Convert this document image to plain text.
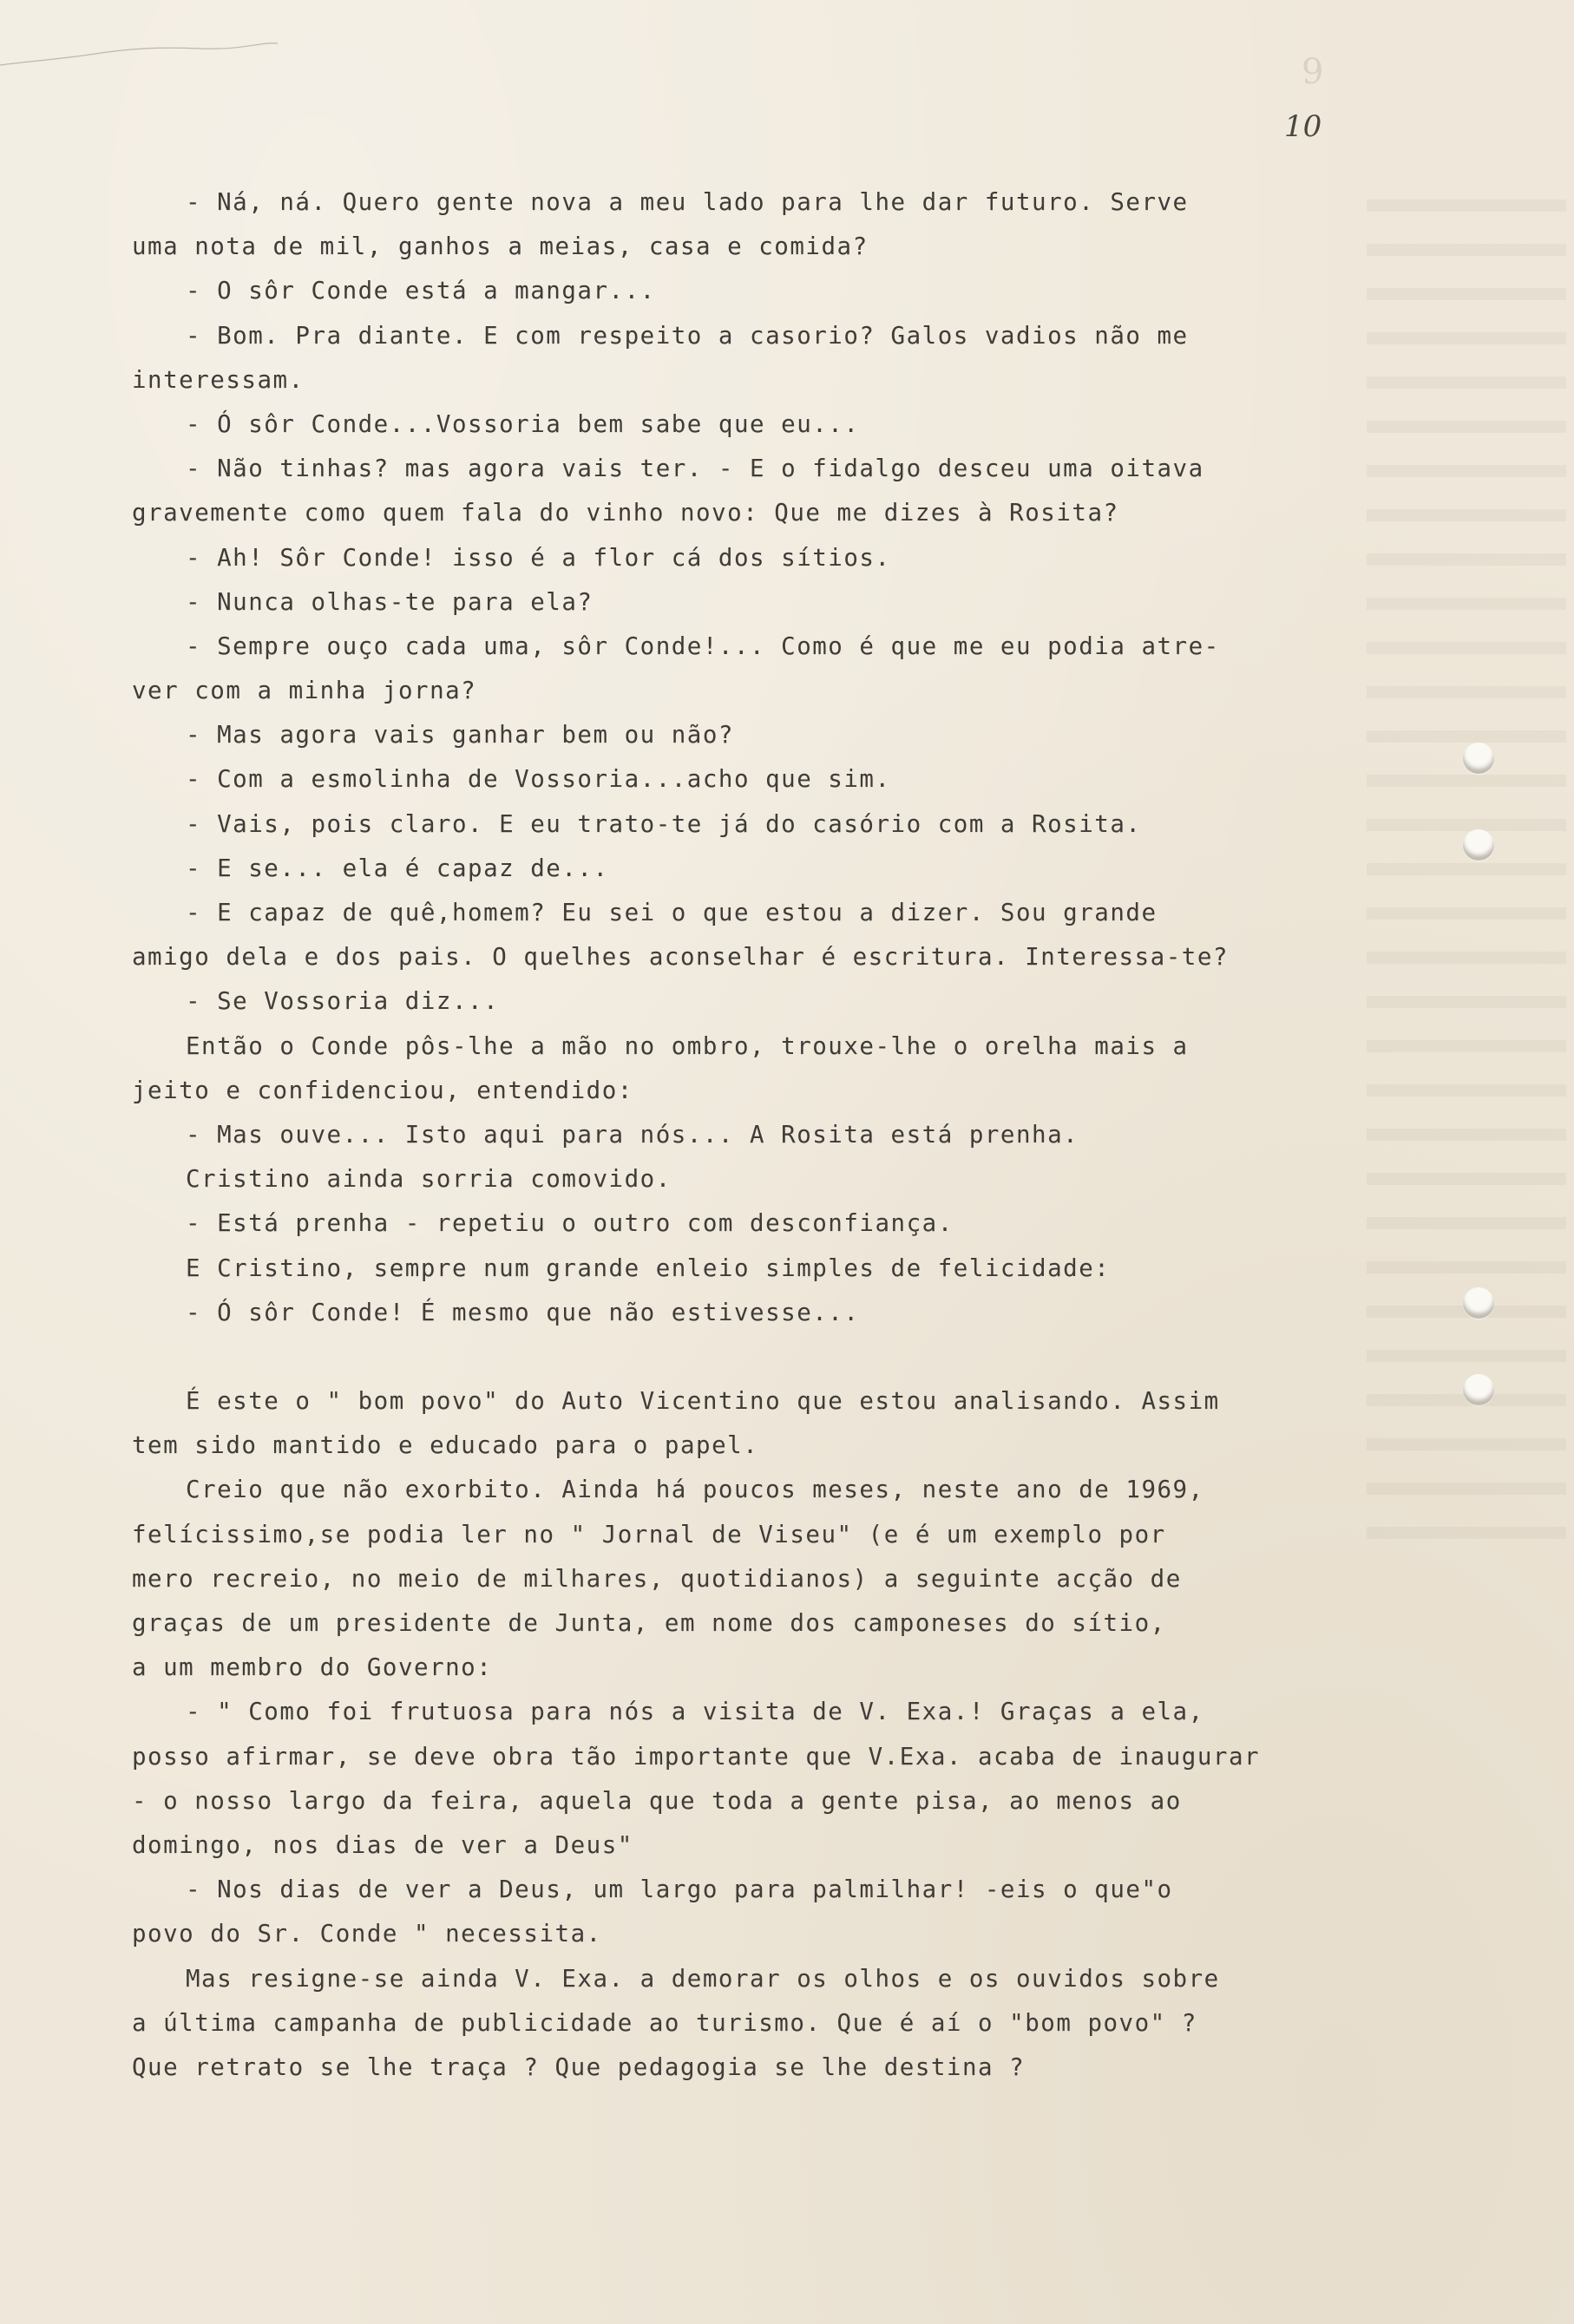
9
10
- Ná, ná. Quero gente nova a meu lado para lhe dar futuro. Serve
uma nota de mil, ganhos a meias, casa e comida?
- O sôr Conde está a mangar...
- Bom. Pra diante. E com respeito a casorio? Galos vadios não me
interessam.
- Ó sôr Conde...Vossoria bem sabe que eu...
- Não tinhas? mas agora vais ter. - E o fidalgo desceu uma oitava
gravemente como quem fala do vinho novo: Que me dizes à Rosita?
- Ah! Sôr Conde! isso é a flor cá dos sítios.
- Nunca olhas-te para ela?
- Sempre ouço cada uma, sôr Conde!... Como é que me eu podia atre-
ver com a minha jorna?
- Mas agora vais ganhar bem ou não?
- Com a esmolinha de Vossoria...acho que sim.
- Vais, pois claro. E eu trato-te já do casório com a Rosita.
- E se... ela é capaz de...
- E capaz de quê,homem? Eu sei o que estou a dizer. Sou grande
amigo dela e dos pais. O quelhes aconselhar é escritura. Interessa-te?
- Se Vossoria diz...
Então o Conde pôs-lhe a mão no ombro, trouxe-lhe o orelha mais a
jeito e confidenciou, entendido:
- Mas ouve... Isto aqui para nós... A Rosita está prenha.
Cristino ainda sorria comovido.
- Está prenha - repetiu o outro com desconfiança.
E Cristino, sempre num grande enleio simples de felicidade:
- Ó sôr Conde! É mesmo que não estivesse...
É este o " bom povo" do Auto Vicentino que estou analisando. Assim
tem sido mantido e educado para o papel.
Creio que não exorbito. Ainda há poucos meses, neste ano de 1969,
felícissimo,se podia ler no " Jornal de Viseu" (e é um exemplo por
mero recreio, no meio de milhares, quotidianos) a seguinte acção de
graças de um presidente de Junta, em nome dos camponeses do sítio,
a um membro do Governo:
- " Como foi frutuosa para nós a visita de V. Exa.! Graças a ela,
posso afirmar, se deve obra tão importante que V.Exa. acaba de inaugurar
- o nosso largo da feira, aquela que toda a gente pisa, ao menos ao
domingo, nos dias de ver a Deus"
- Nos dias de ver a Deus, um largo para palmilhar! -eis o que"o
povo do Sr. Conde " necessita.
Mas resigne-se ainda V. Exa. a demorar os olhos e os ouvidos sobre
a última campanha de publicidade ao turismo. Que é aí o "bom povo" ?
Que retrato se lhe traça ? Que pedagogia se lhe destina ?
